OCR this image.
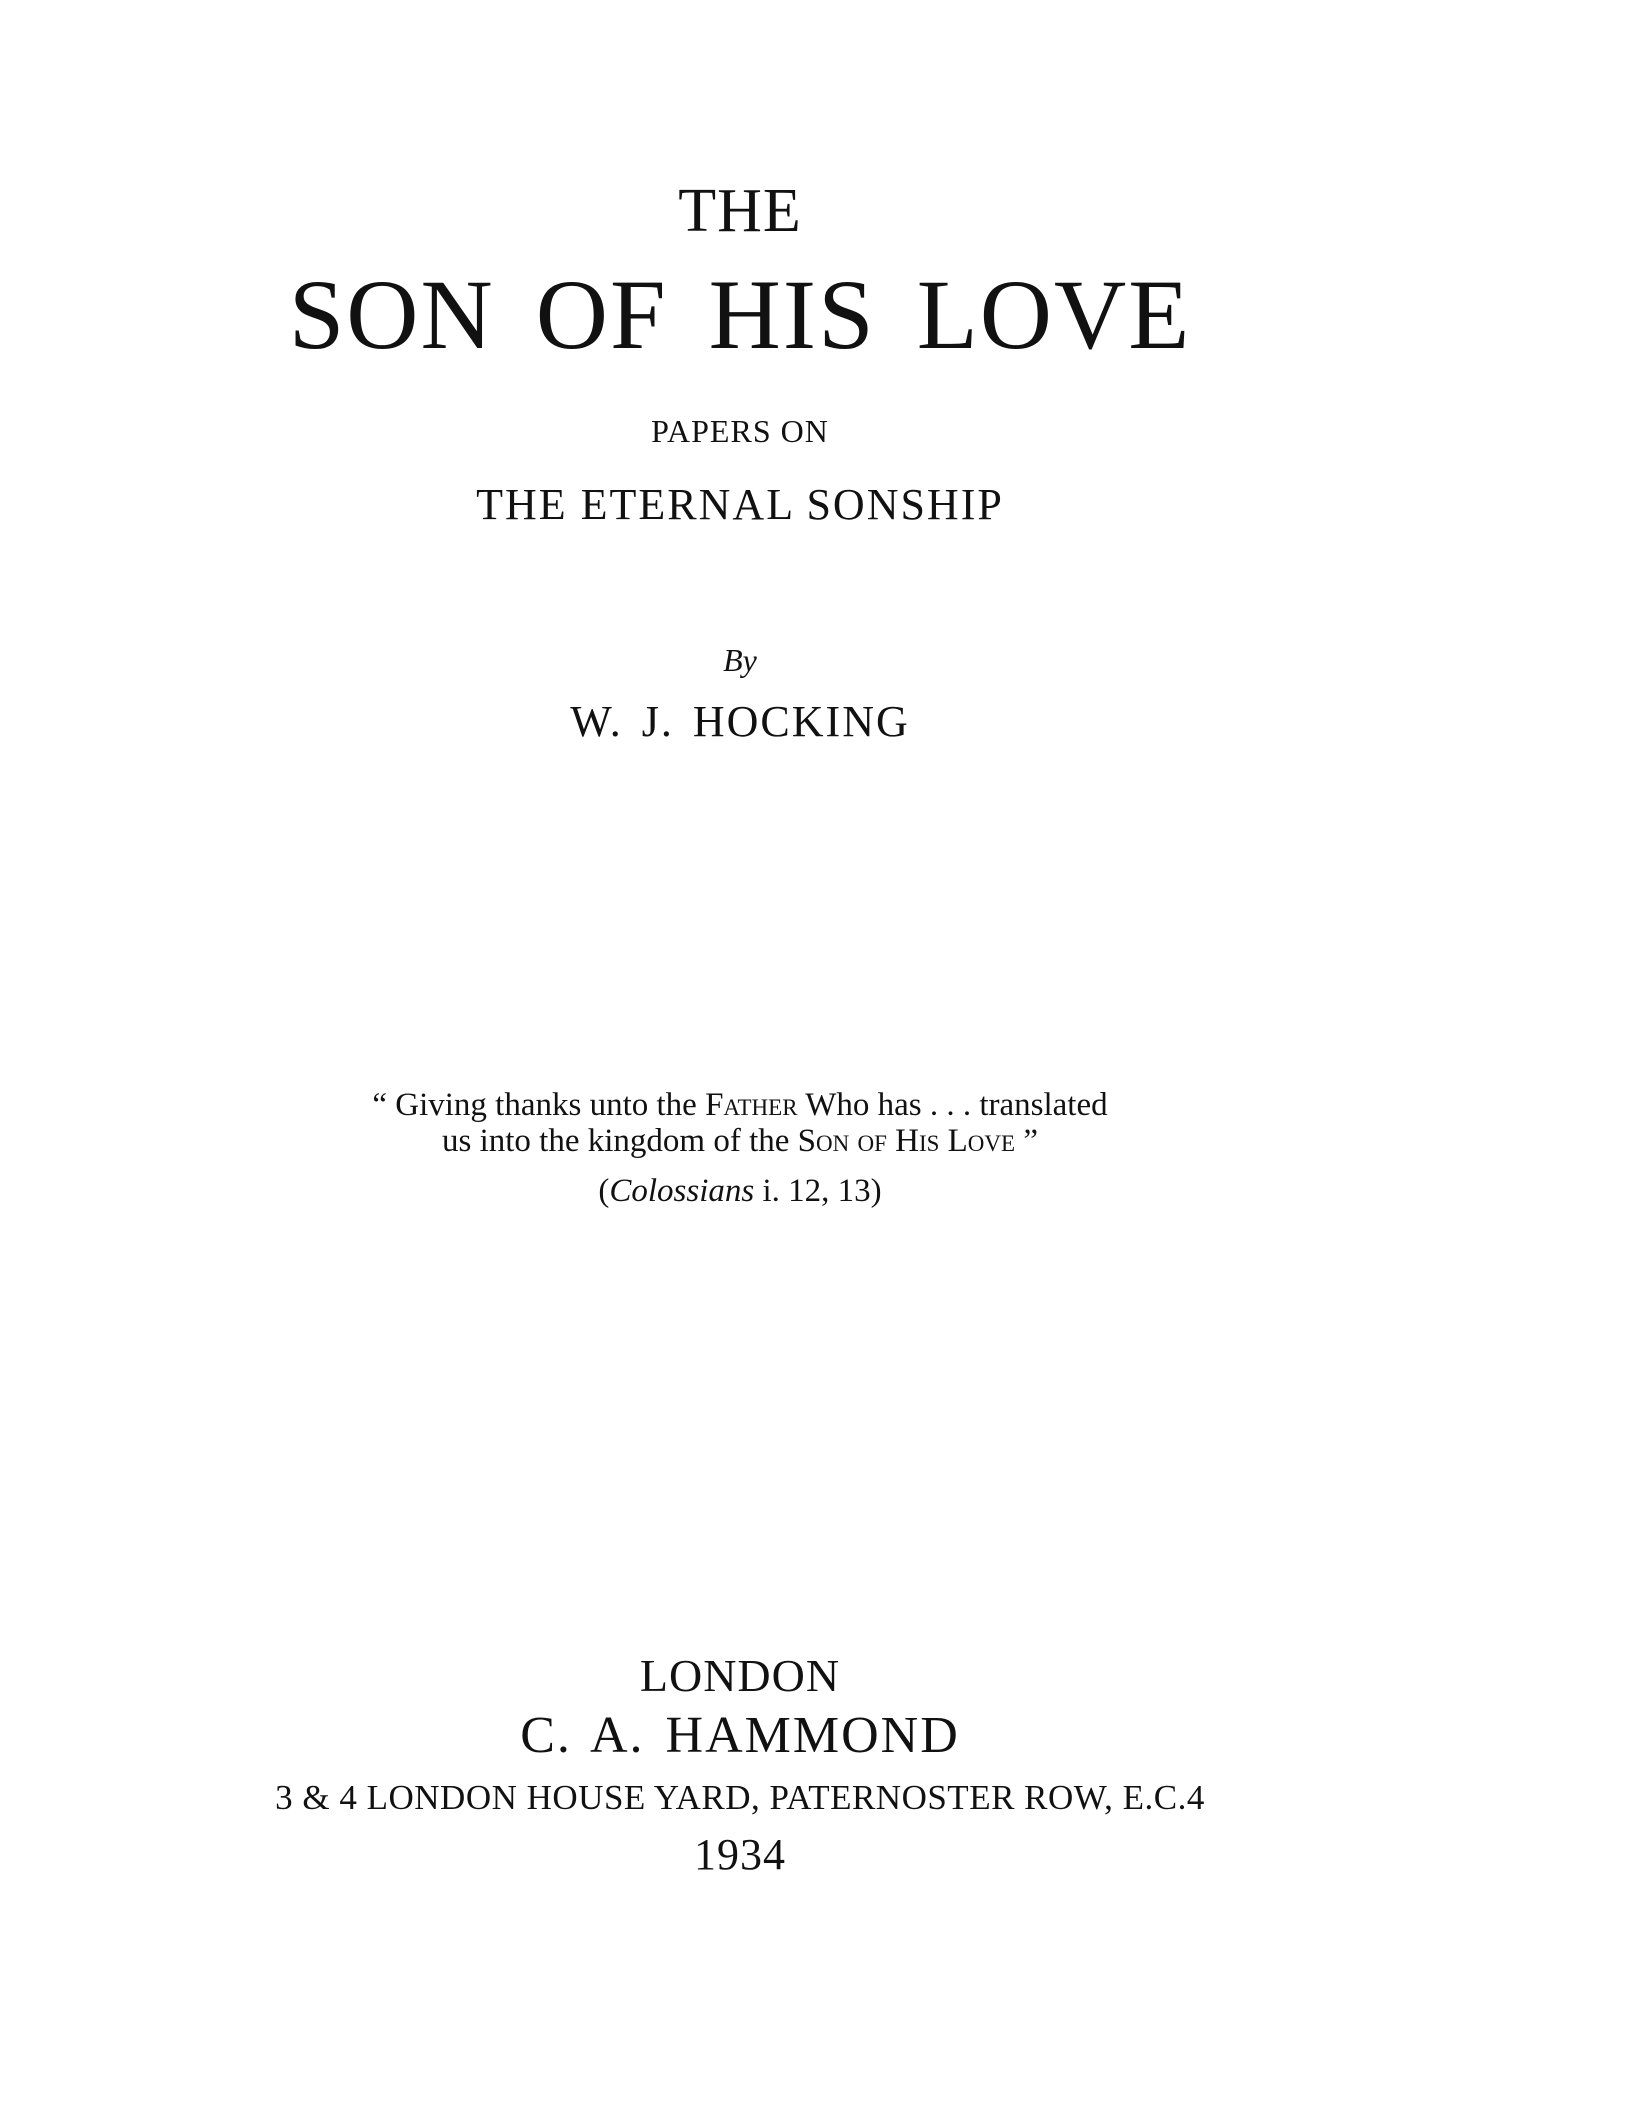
THE
SON OF HIS LOVE
PAPERS ON
THE ETERNAL SONSHIP
By
W. J. HOCKING

“ Giving thanks unto the Father Who has . . . translated

us into the kingdom of the Son of His Love ”

(Colossians i. 12, 13)

LONDON
C. A. HAMMOND
3 & 4 LONDON HOUSE YARD, PATERNOSTER ROW, E.C.4
1934
